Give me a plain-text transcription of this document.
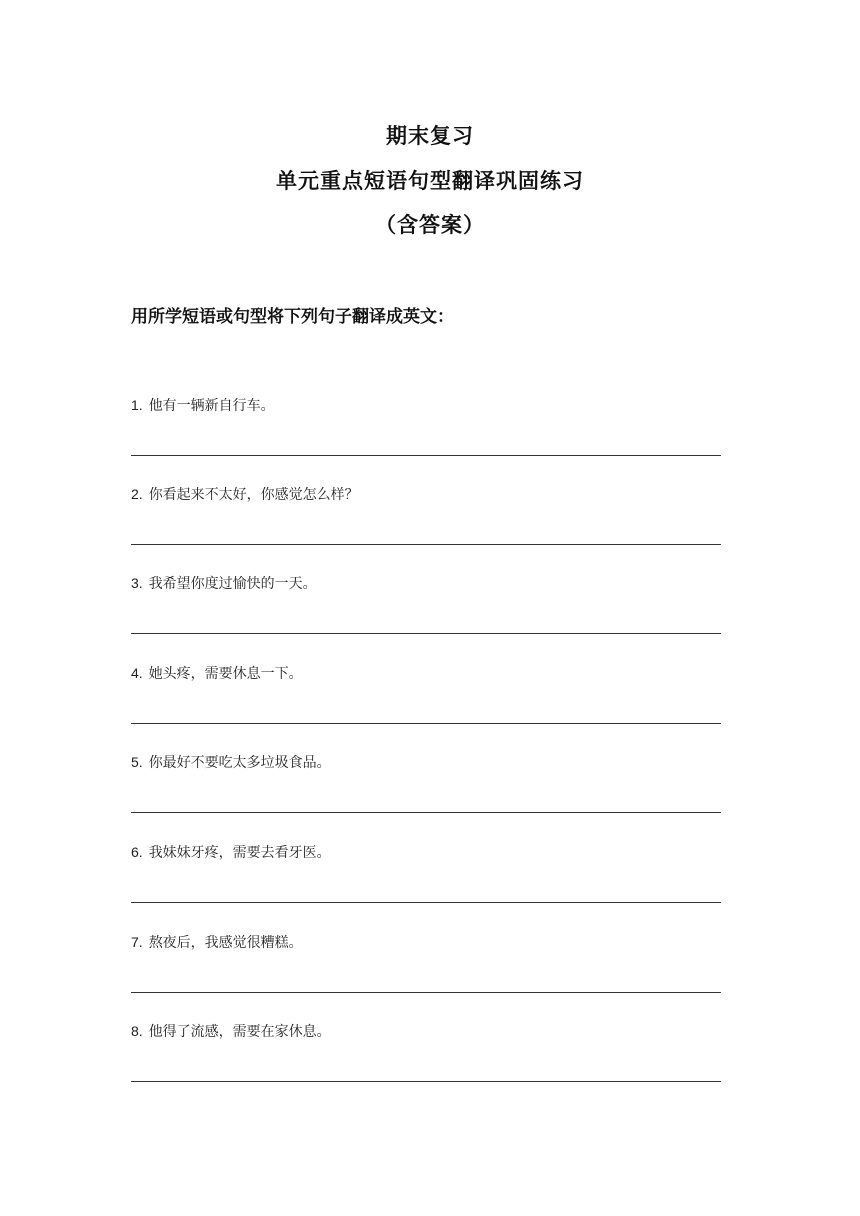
期末复习
单元重点短语句型翻译巩固练习
（含答案）
用所学短语或句型将下列句子翻译成英文：
1. 他有一辆新自行车。
2. 你看起来不太好，你感觉怎么样？
3. 我希望你度过愉快的一天。
4. 她头疼，需要休息一下。
5. 你最好不要吃太多垃圾食品。
6. 我妹妹牙疼，需要去看牙医。
7. 熬夜后，我感觉很糟糕。
8. 他得了流感，需要在家休息。
